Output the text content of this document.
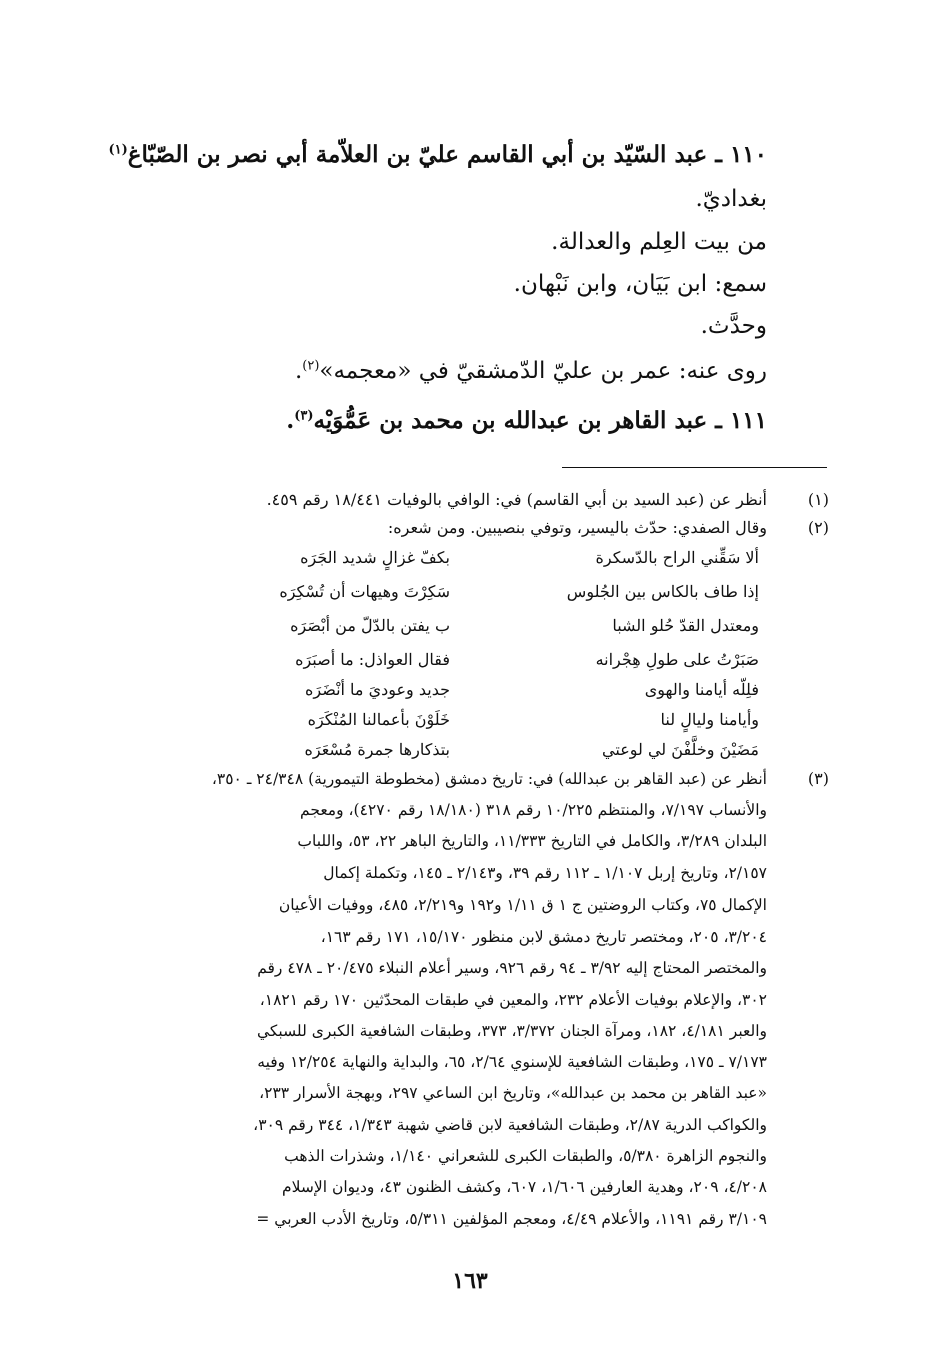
١١٠ ـ عبد السّيّد بن أبي القاسم عليّ بن العلاّمة أبي نصر بن الصّبّاغ$^{(١)}$
بغداديّ.
من بيت العِلم والعدالة.
سمع: ابن بَيَان، وابن نَبْهان.
وحدَّث.
روى عنه: عمر بن عليّ الدّمشقيّ في «معجمه»$^{(٢)}$.
١١١ ـ عبد القاهر بن عبدالله بن محمد بن عَمُّوَيْه$^{(٣)}$.
(١)
أنظر عن (عبد السيد بن أبي القاسم) في: الوافي بالوفيات ١٨/٤٤١ رقم ٤٥٩.
(٢)
وقال الصفدي: حدّث باليسير، وتوفي بنصيبين. ومن شعره:
ألا سَقِّني الراح بالدّسكرة
بكفّ غزالٍ شديد الجَرَه
إذا طاف بالكاس بين الجُلوس
سَكِرْتَ وهيهات أن تُسْكِرَه
ومعتدل القدّ حُلو الشبا
ب يفتن بالدّلّ من أبْصَرَه
صَبَرْتُ على طولِ هِجْرانه
فقال العواذل: ما أصبَرَه
فلِلّه أيامنا والهوى
جديد وعوديَ ما أنْضَرَه
وأيامنا وليالٍ لنا
خَلَوْنَ بأعمالنا المُنْكَرَه
مَضَيْنَ وخلَّفْنَ لي لوعتي
بتذكارها جمرة مُسْعَرَه
(٣)
أنظر عن (عبد القاهر بن عبدالله) في: تاريخ دمشق (مخطوطة التيمورية) ٢٤/٣٤٨ ـ ٣٥٠،
والأنساب ٧/١٩٧، والمنتظم ١٠/٢٢٥ رقم ٣١٨ (١٨/١٨٠ رقم ٤٢٧٠)، ومعجم
البلدان ٣/٢٨٩، والكامل في التاريخ ١١/٣٣٣، والتاريخ الباهر ٢٢، ٥٣، واللباب
٢/١٥٧، وتاريخ إربل ١/١٠٧ ـ ١١٢ رقم ٣٩، و٢/١٤٣ ـ ١٤٥، وتكملة إكمال
الإكمال ٧٥، وكتاب الروضتين ج ١ ق ١/١١ و١٩٢ و٢/٢١٩، ٤٨٥، ووفيات الأعيان
٣/٢٠٤، ٢٠٥، ومختصر تاريخ دمشق لابن منظور ١٥/١٧٠، ١٧١ رقم ١٦٣،
والمختصر المحتاج إليه ٣/٩٢ ـ ٩٤ رقم ٩٢٦، وسير أعلام النبلاء ٢٠/٤٧٥ ـ ٤٧٨ رقم
٣٠٢، والإعلام بوفيات الأعلام ٢٣٢، والمعين في طبقات المحدّثين ١٧٠ رقم ١٨٢١،
والعبر ٤/١٨١، ١٨٢، ومرآة الجنان ٣/٣٧٢، ٣٧٣، وطبقات الشافعية الكبرى للسبكي
٧/١٧٣ ـ ١٧٥، وطبقات الشافعية للإسنوي ٢/٦٤، ٦٥، والبداية والنهاية ١٢/٢٥٤ وفيه
«عبد القاهر بن محمد بن عبدالله»، وتاريخ ابن الساعي ٢٩٧، وبهجة الأسرار ٢٣٣،
والكواكب الدرية ٢/٨٧، وطبقات الشافعية لابن قاضي شهبة ١/٣٤٣، ٣٤٤ رقم ٣٠٩،
والنجوم الزاهرة ٥/٣٨٠، والطبقات الكبرى للشعراني ١/١٤٠، وشذرات الذهب
٤/٢٠٨، ٢٠٩، وهدية العارفين ١/٦٠٦، ٦٠٧، وكشف الظنون ٤٣، وديوان الإسلام
٣/١٠٩ رقم ١١٩١، والأعلام ٤/٤٩، ومعجم المؤلفين ٥/٣١١، وتاريخ الأدب العربي =
١٦٣
